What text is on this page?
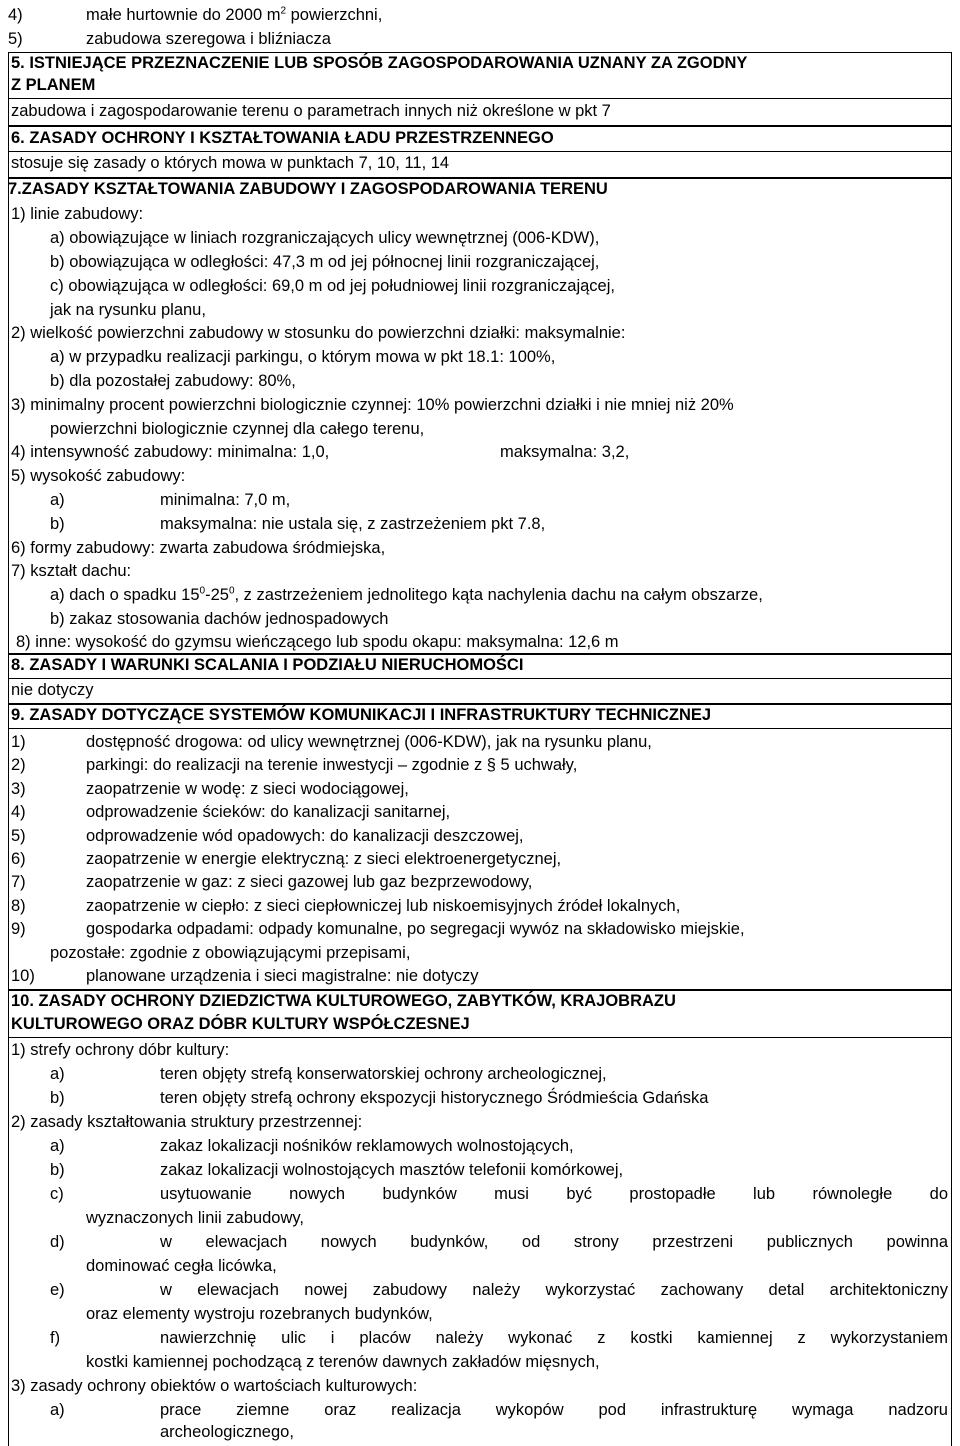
4)	małe hurtownie do 2000 $m^2$ powierzchni,
5)	zabudowa szeregowa i bliźniacza
5. ISTNIEJĄCE PRZEZNACZENIE LUB SPOSÓB ZAGOSPODAROWANIA UZNANY ZA ZGODNY
Z PLANEM
zabudowa i zagospodarowanie terenu o parametrach innych niż określone w pkt 7
6. ZASADY OCHRONY I KSZTAŁTOWANIA ŁADU PRZESTRZENNEGO
stosuje się zasady o których mowa w punktach 7, 10, 11, 14
7.ZASADY KSZTAŁTOWANIA ZABUDOWY I ZAGOSPODAROWANIA TERENU
1) linie zabudowy:
a) obowiązujące w liniach rozgraniczających ulicy wewnętrznej (006-KDW),
b) obowiązująca w odległości: 47,3 m od jej północnej linii rozgraniczającej,
c) obowiązująca w odległości: 69,0 m od jej południowej linii rozgraniczającej,
jak na rysunku planu,
2) wielkość powierzchni zabudowy w stosunku do powierzchni działki: maksymalnie:
a) w przypadku realizacji parkingu, o którym mowa w pkt 18.1: 100%,
b) dla pozostałej zabudowy: 80%,
3) minimalny procent powierzchni biologicznie czynnej: 10% powierzchni działki i nie mniej niż 20%
powierzchni biologicznie czynnej dla całego terenu,
4) intensywność zabudowy: minimalna: 1,0,	maksymalna: 3,2,
5) wysokość zabudowy:
a)	minimalna: 7,0 m,
b)	maksymalna: nie ustala się, z zastrzeżeniem pkt 7.8,
6) formy zabudowy: zwarta zabudowa śródmiejska,
7) kształt dachu:
a) dach o spadku $15^0-25^0$, z zastrzeżeniem jednolitego kąta nachylenia dachu na całym obszarze,
b) zakaz stosowania dachów jednospadowych
8) inne: wysokość do gzymsu wieńczącego lub spodu okapu: maksymalna: 12,6 m
8. ZASADY I WARUNKI SCALANIA I PODZIAŁU NIERUCHOMOŚCI
nie dotyczy
9. ZASADY DOTYCZĄCE SYSTEMÓW KOMUNIKACJI I INFRASTRUKTURY TECHNICZNEJ
1)	dostępność drogowa: od ulicy wewnętrznej (006-KDW), jak na rysunku planu,
2)	parkingi: do realizacji na terenie inwestycji – zgodnie z § 5 uchwały,
3)	zaopatrzenie w wodę: z sieci wodociągowej,
4)	odprowadzenie ścieków: do kanalizacji sanitarnej,
5)	odprowadzenie wód opadowych: do kanalizacji deszczowej,
6)	zaopatrzenie w energie elektryczną: z sieci elektroenergetycznej,
7)	zaopatrzenie w gaz: z sieci gazowej lub gaz bezprzewodowy,
8)	zaopatrzenie w ciepło: z sieci ciepłowniczej lub niskoemisyjnych źródeł lokalnych,
9)	gospodarka odpadami: odpady komunalne, po segregacji wywóz na składowisko miejskie,
pozostałe: zgodnie z obowiązującymi przepisami,
10)	planowane urządzenia i sieci magistralne: nie dotyczy
10. ZASADY OCHRONY DZIEDZICTWA KULTUROWEGO, ZABYTKÓW, KRAJOBRAZU
KULTUROWEGO ORAZ DÓBR KULTURY WSPÓŁCZESNEJ
1) strefy ochrony dóbr kultury:
a)	teren objęty strefą konserwatorskiej ochrony archeologicznej,
b)	teren objęty strefą ochrony ekspozycji historycznego Śródmieścia Gdańska
2) zasady kształtowania struktury przestrzennej:
a)	zakaz lokalizacji nośników reklamowych wolnostojących,
b)	zakaz lokalizacji wolnostojących masztów telefonii komórkowej,
c)	usytuowanie nowych budynków musi być prostopadłe lub równoległe do
wyznaczonych linii zabudowy,
d)	w elewacjach nowych budynków, od strony przestrzeni publicznych powinna
dominować cegła licówka,
e)	w elewacjach nowej zabudowy należy wykorzystać zachowany detal architektoniczny
oraz elementy wystroju rozebranych budynków,
f)	nawierzchnię ulic i placów należy wykonać z kostki kamiennej z wykorzystaniem
kostki kamiennej pochodzącą z terenów dawnych zakładów mięsnych,
3) zasady ochrony obiektów o wartościach kulturowych:
a)	prace ziemne oraz realizacja wykopów pod infrastrukturę wymaga nadzoru
archeologicznego,
